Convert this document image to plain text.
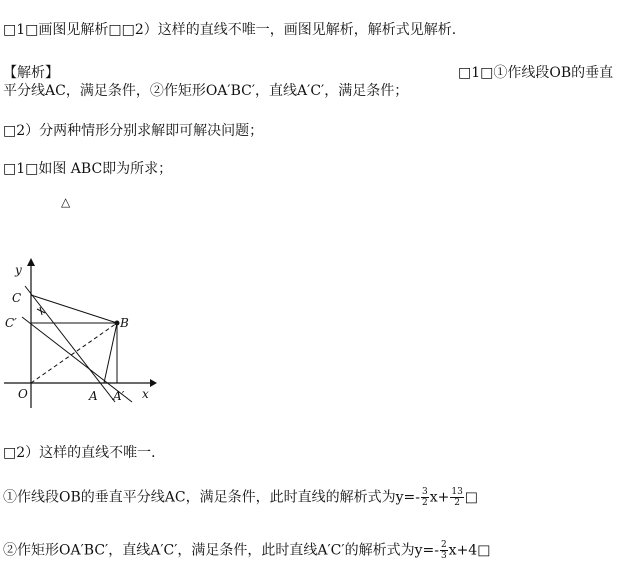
□1□画图见解析□□2）这样的直线不唯一，画图见解析，解析式见解析.
【解析】	□1□①作线段OB的垂直
平分线AC，满足条件，②作矩形OA′BC′，直线A′C′，满足条件；
□2）分两种情形分别求解即可解决问题；
□1□如图 ABC即为所求；
△
y
x
C
C′	B
O	A A′
□2）这样的直线不唯一．
①作线段OB的垂直平分线AC，满足条件，此时直线的解析式为$y=- \frac{3}{2} x+ \frac{13}{2}$ □
②作矩形OA′BC′，直线A′C′，满足条件，此时直线A′C′的解析式为$y=- \frac{2}{3}$ x+4□
